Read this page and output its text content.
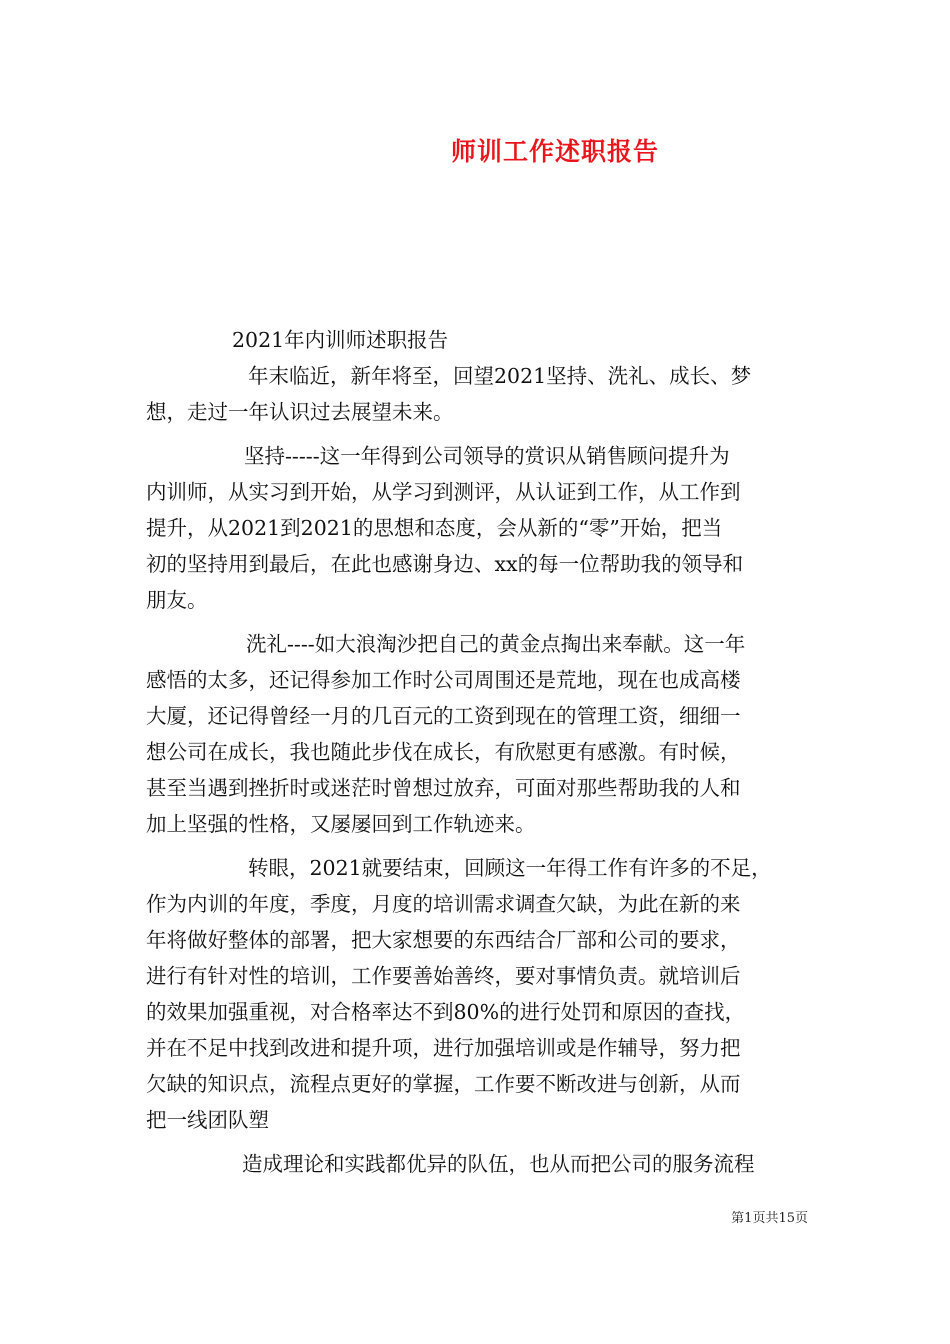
师训工作述职报告
2021年内训师述职报告
年末临近，新年将至，回望2021坚持、洗礼、成长、梦
想，走过一年认识过去展望未来。
坚持-----这一年得到公司领导的赏识从销售顾问提升为
内训师，从实习到开始，从学习到测评，从认证到工作，从工作到
提升，从2021到2021的思想和态度，会从新的“零”开始，把当
初的坚持用到最后，在此也感谢身边、xx的每一位帮助我的领导和
朋友。
洗礼----如大浪淘沙把自己的黄金点掏出来奉献。这一年
感悟的太多，还记得参加工作时公司周围还是荒地，现在也成高楼
大厦，还记得曾经一月的几百元的工资到现在的管理工资，细细一
想公司在成长，我也随此步伐在成长，有欣慰更有感激。有时候，
甚至当遇到挫折时或迷茫时曾想过放弃，可面对那些帮助我的人和
加上坚强的性格，又屡屡回到工作轨迹来。
转眼，2021就要结束，回顾这一年得工作有许多的不足，
作为内训的年度，季度，月度的培训需求调查欠缺，为此在新的来
年将做好整体的部署，把大家想要的东西结合厂部和公司的要求，
进行有针对性的培训，工作要善始善终，要对事情负责。就培训后
的效果加强重视，对合格率达不到80%的进行处罚和原因的查找，
并在不足中找到改进和提升项，进行加强培训或是作辅导，努力把
欠缺的知识点，流程点更好的掌握，工作要不断改进与创新，从而
把一线团队塑
造成理论和实践都优异的队伍，也从而把公司的服务流程
第1页共15页
